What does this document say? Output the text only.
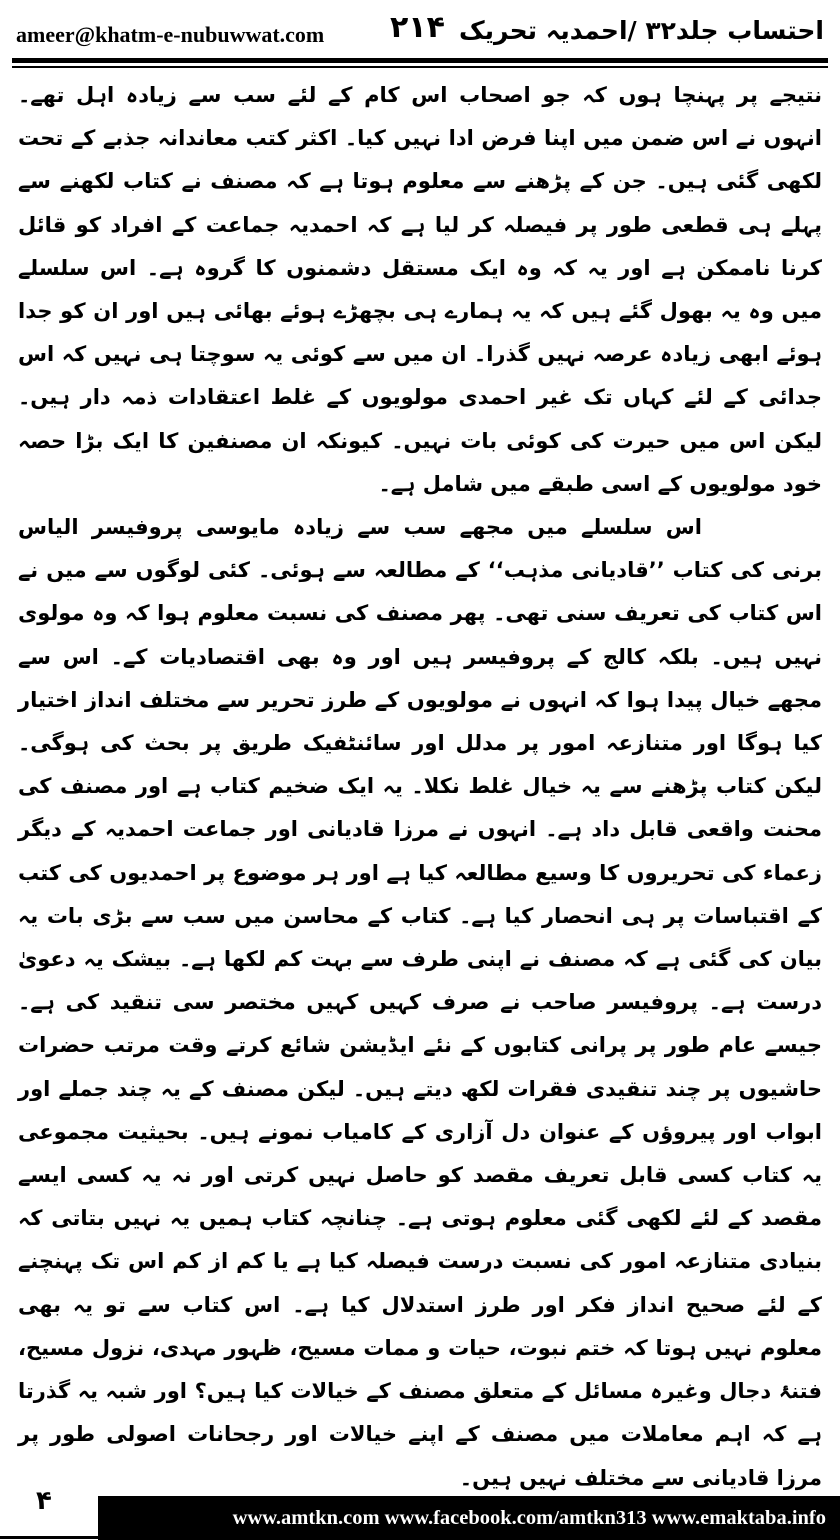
ameer@khatm-e-nubuwwat.com ۲۱۴ احتساب جلد۳۲ /احمدیہ تحریک

نتیجے پر پہنچا ہوں کہ جو اصحاب اس کام کے لئے سب سے زیادہ اہل تھے۔ انہوں نے اس ضمن میں اپنا فرض ادا نہیں کیا۔ اکثر کتب معاندانہ جذبے کے تحت لکھی گئی ہیں۔ جن کے پڑھنے سے معلوم ہوتا ہے کہ مصنف نے کتاب لکھنے سے پہلے ہی قطعی طور پر فیصلہ کر لیا ہے کہ احمدیہ جماعت کے افراد کو قائل کرنا ناممکن ہے اور یہ کہ وہ ایک مستقل دشمنوں کا گروہ ہے۔ اس سلسلے میں وہ یہ بھول گئے ہیں کہ یہ ہمارے ہی بچھڑے ہوئے بھائی ہیں اور ان کو جدا ہوئے ابھی زیادہ عرصہ نہیں گذرا۔ ان میں سے کوئی یہ سوچتا ہی نہیں کہ اس جدائی کے لئے کہاں تک غیر احمدی مولویوں کے غلط اعتقادات ذمہ دار ہیں۔ لیکن اس میں حیرت کی کوئی بات نہیں۔ کیونکہ ان مصنفین کا ایک بڑا حصہ خود مولویوں کے اسی طبقے میں شامل ہے۔

اس سلسلے میں مجھے سب سے زیادہ مایوسی پروفیسر الیاس برنی کی کتاب ’’قادیانی مذہب‘‘ کے مطالعہ سے ہوئی۔ کئی لوگوں سے میں نے اس کتاب کی تعریف سنی تھی۔ پھر مصنف کی نسبت معلوم ہوا کہ وہ مولوی نہیں ہیں۔ بلکہ کالج کے پروفیسر ہیں اور وہ بھی اقتصادیات کے۔ اس سے مجھے خیال پیدا ہوا کہ انہوں نے مولویوں کے طرز تحریر سے مختلف انداز اختیار کیا ہوگا اور متنازعہ امور پر مدلل اور سائنٹفیک طریق پر بحث کی ہوگی۔ لیکن کتاب پڑھنے سے یہ خیال غلط نکلا۔ یہ ایک ضخیم کتاب ہے اور مصنف کی محنت واقعی قابل داد ہے۔ انہوں نے مرزا قادیانی اور جماعت احمدیہ کے دیگر زعماء کی تحریروں کا وسیع مطالعہ کیا ہے اور ہر موضوع پر احمدیوں کی کتب کے اقتباسات پر ہی انحصار کیا ہے۔ کتاب کے محاسن میں سب سے بڑی بات یہ بیان کی گئی ہے کہ مصنف نے اپنی طرف سے بہت کم لکھا ہے۔ بیشک یہ دعویٰ درست ہے۔ پروفیسر صاحب نے صرف کہیں کہیں مختصر سی تنقید کی ہے۔ جیسے عام طور پر پرانی کتابوں کے نئے ایڈیشن شائع کرتے وقت مرتب حضرات حاشیوں پر چند تنقیدی فقرات لکھ دیتے ہیں۔ لیکن مصنف کے یہ چند جملے اور ابواب اور پیروؤں کے عنوان دل آزاری کے کامیاب نمونے ہیں۔ بحیثیت مجموعی یہ کتاب کسی قابل تعریف مقصد کو حاصل نہیں کرتی اور نہ یہ کسی ایسے مقصد کے لئے لکھی گئی معلوم ہوتی ہے۔ چنانچہ کتاب ہمیں یہ نہیں بتاتی کہ بنیادی متنازعہ امور کی نسبت درست فیصلہ کیا ہے یا کم از کم اس تک پہنچنے کے لئے صحیح انداز فکر اور طرز استدلال کیا ہے۔ اس کتاب سے تو یہ بھی معلوم نہیں ہوتا کہ ختم نبوت، حیات و ممات مسیح، ظہور مہدی، نزول مسیح، فتنۂ دجال وغیرہ مسائل کے متعلق مصنف کے خیالات کیا ہیں؟ اور شبہ یہ گذرتا ہے کہ اہم معاملات میں مصنف کے اپنے خیالات اور رجحانات اصولی طور پر مرزا قادیانی سے مختلف نہیں ہیں۔

۴
www.amtkn.com www.facebook.com/amtkn313 www.emaktaba.info
